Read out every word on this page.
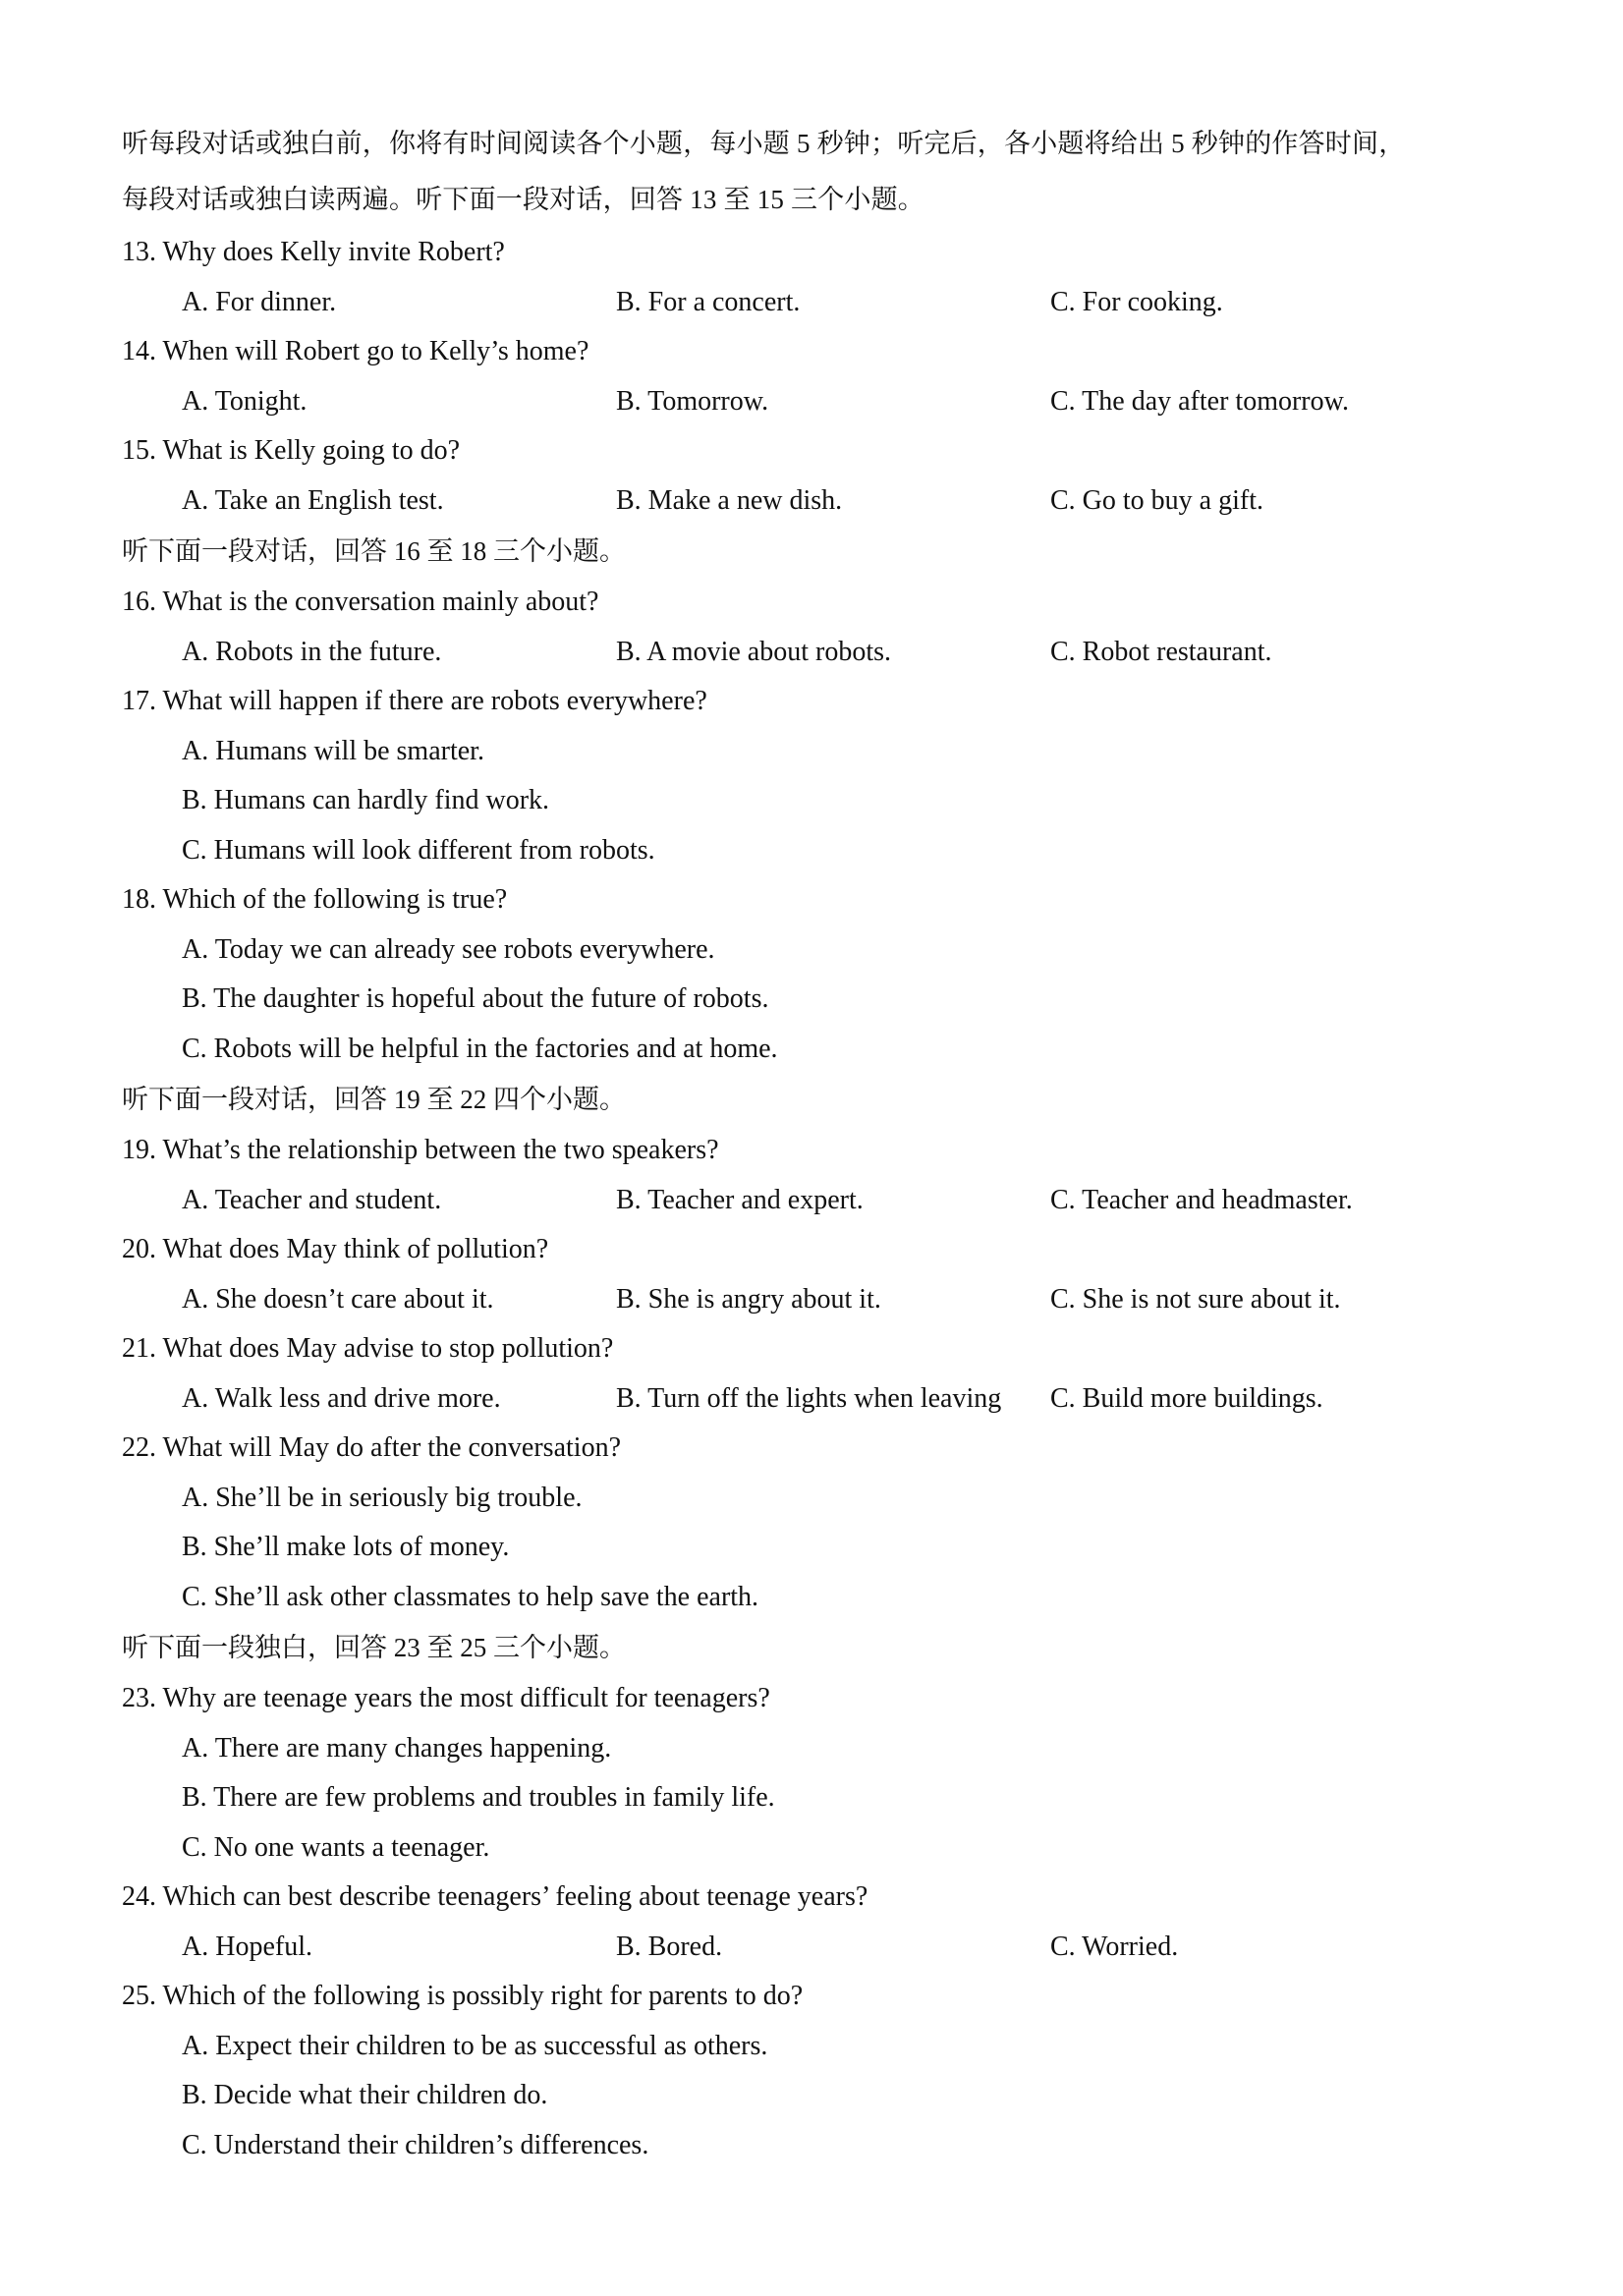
听每段对话或独白前，你将有时间阅读各个小题，每小题 5 秒钟；听完后，各小题将给出 5 秒钟的作答时间，
每段对话或独白读两遍。听下面一段对话，回答 13 至 15 三个小题。
13. Why does Kelly invite Robert?
A. For dinner.	B. For a concert.	C. For cooking.
14. When will Robert go to Kelly’s home?
A. Tonight.	B. Tomorrow.	C. The day after tomorrow.
15. What is Kelly going to do?
A. Take an English test.	B. Make a new dish.	C. Go to buy a gift.
听下面一段对话，回答 16 至 18 三个小题。
16. What is the conversation mainly about?
A. Robots in the future.	B. A movie about robots.	C. Robot restaurant.
17. What will happen if there are robots everywhere?
A. Humans will be smarter.
B. Humans can hardly find work.
C. Humans will look different from robots.
18. Which of the following is true?
A. Today we can already see robots everywhere.
B. The daughter is hopeful about the future of robots.
C. Robots will be helpful in the factories and at home.
听下面一段对话，回答 19 至 22 四个小题。
19. What’s the relationship between the two speakers?
A. Teacher and student.	B. Teacher and expert.	C. Teacher and headmaster.
20. What does May think of pollution?
A. She doesn’t care about it.	B. She is angry about it.	C. She is not sure about it.
21. What does May advise to stop pollution?
A. Walk less and drive more.	B. Turn off the lights when leaving	C. Build more buildings.
22. What will May do after the conversation?
A. She’ll be in seriously big trouble.
B. She’ll make lots of money.
C. She’ll ask other classmates to help save the earth.
听下面一段独白，回答 23 至 25 三个小题。
23. Why are teenage years the most difficult for teenagers?
A. There are many changes happening.
B. There are few problems and troubles in family life.
C. No one wants a teenager.
24. Which can best describe teenagers’ feeling about teenage years?
A. Hopeful.	B. Bored.	C. Worried.
25. Which of the following is possibly right for parents to do?
A. Expect their children to be as successful as others.
B. Decide what their children do.
C. Understand their children’s differences.
